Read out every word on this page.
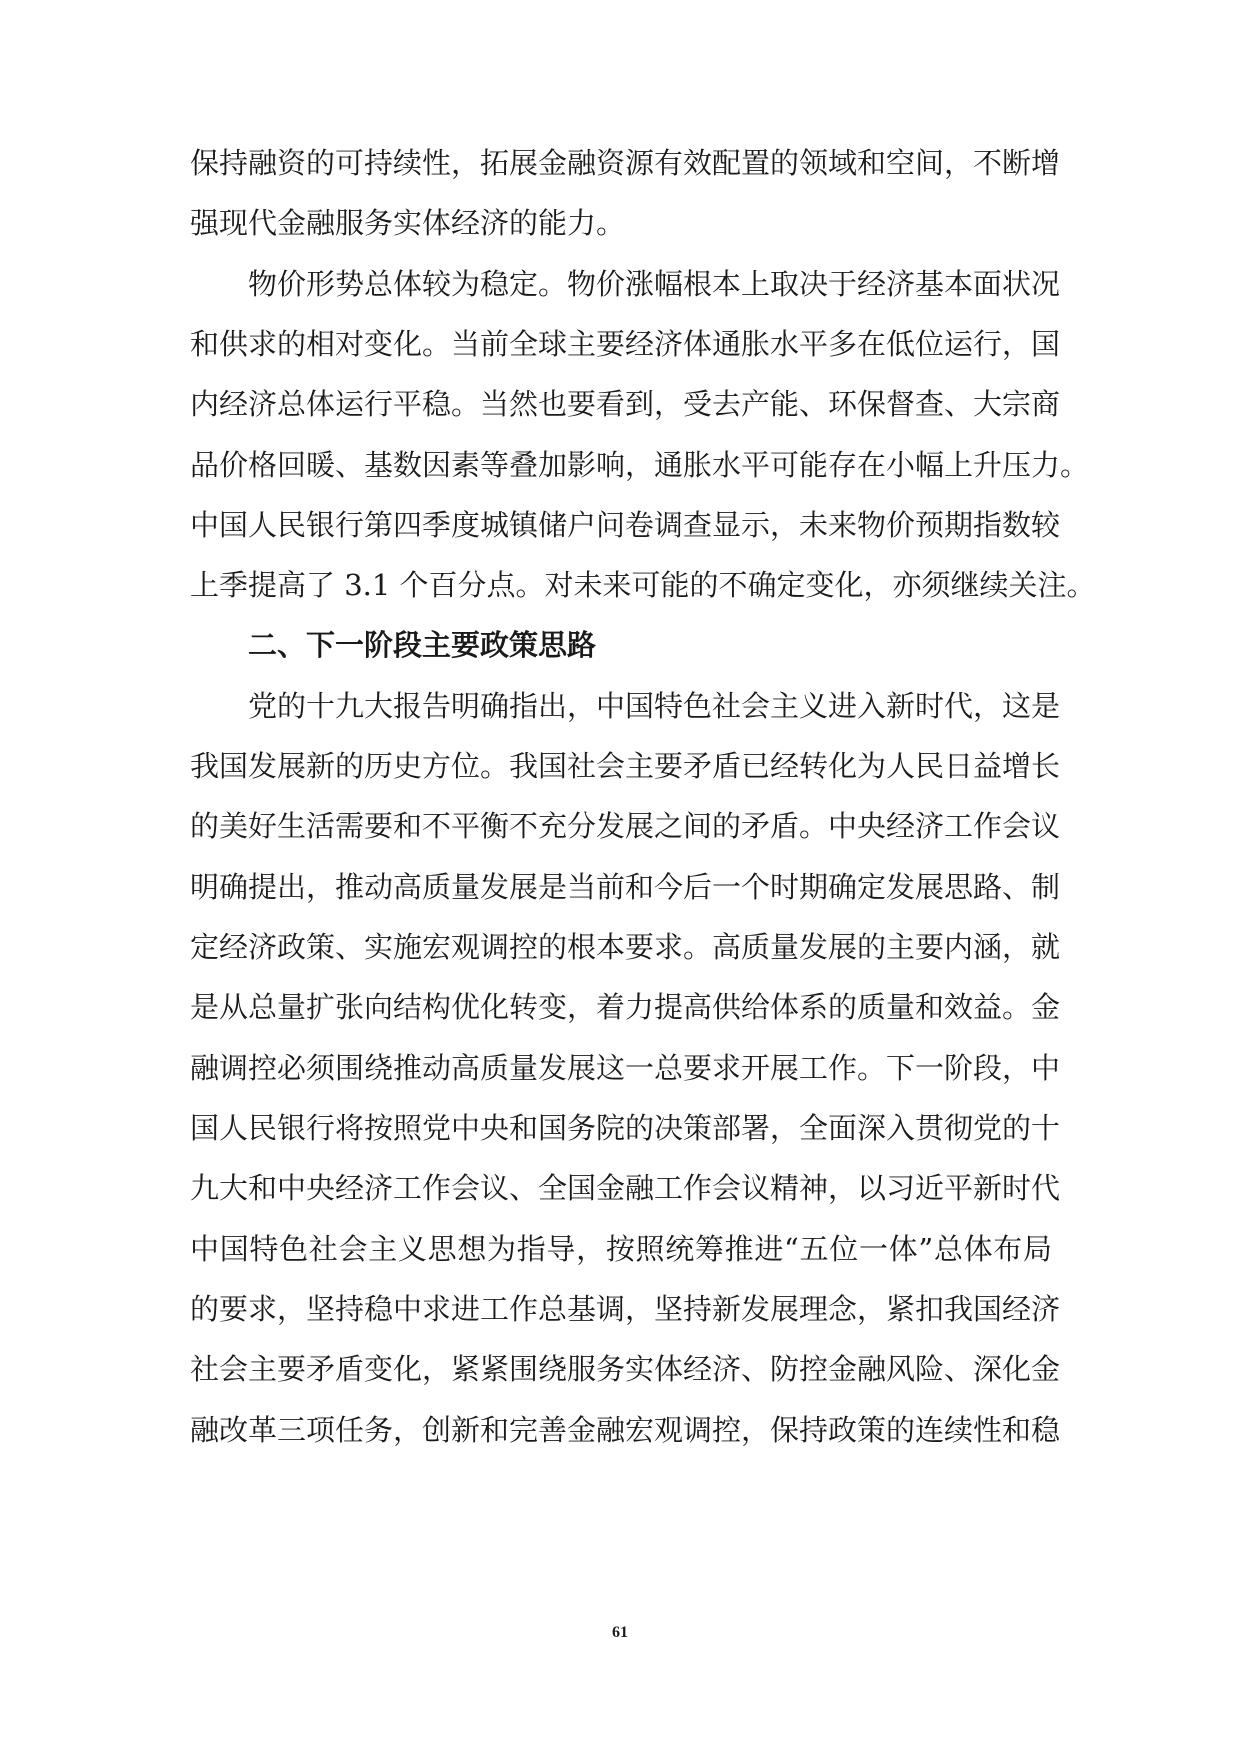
保持融资的可持续性，拓展金融资源有效配置的领域和空间，不断增
强现代金融服务实体经济的能力。
物价形势总体较为稳定。物价涨幅根本上取决于经济基本面状况
和供求的相对变化。当前全球主要经济体通胀水平多在低位运行，国
内经济总体运行平稳。当然也要看到，受去产能、环保督查、大宗商
品价格回暖、基数因素等叠加影响，通胀水平可能存在小幅上升压力。
中国人民银行第四季度城镇储户问卷调查显示，未来物价预期指数较
上季提高了 3.1 个百分点。对未来可能的不确定变化，亦须继续关注。
二、下一阶段主要政策思路
党的十九大报告明确指出，中国特色社会主义进入新时代，这是
我国发展新的历史方位。我国社会主要矛盾已经转化为人民日益增长
的美好生活需要和不平衡不充分发展之间的矛盾。中央经济工作会议
明确提出，推动高质量发展是当前和今后一个时期确定发展思路、制
定经济政策、实施宏观调控的根本要求。高质量发展的主要内涵，就
是从总量扩张向结构优化转变，着力提高供给体系的质量和效益。金
融调控必须围绕推动高质量发展这一总要求开展工作。下一阶段，中
国人民银行将按照党中央和国务院的决策部署，全面深入贯彻党的十
九大和中央经济工作会议、全国金融工作会议精神，以习近平新时代
中国特色社会主义思想为指导，按照统筹推进“五位一体”总体布局
的要求，坚持稳中求进工作总基调，坚持新发展理念，紧扣我国经济
社会主要矛盾变化，紧紧围绕服务实体经济、防控金融风险、深化金
融改革三项任务，创新和完善金融宏观调控，保持政策的连续性和稳
61
